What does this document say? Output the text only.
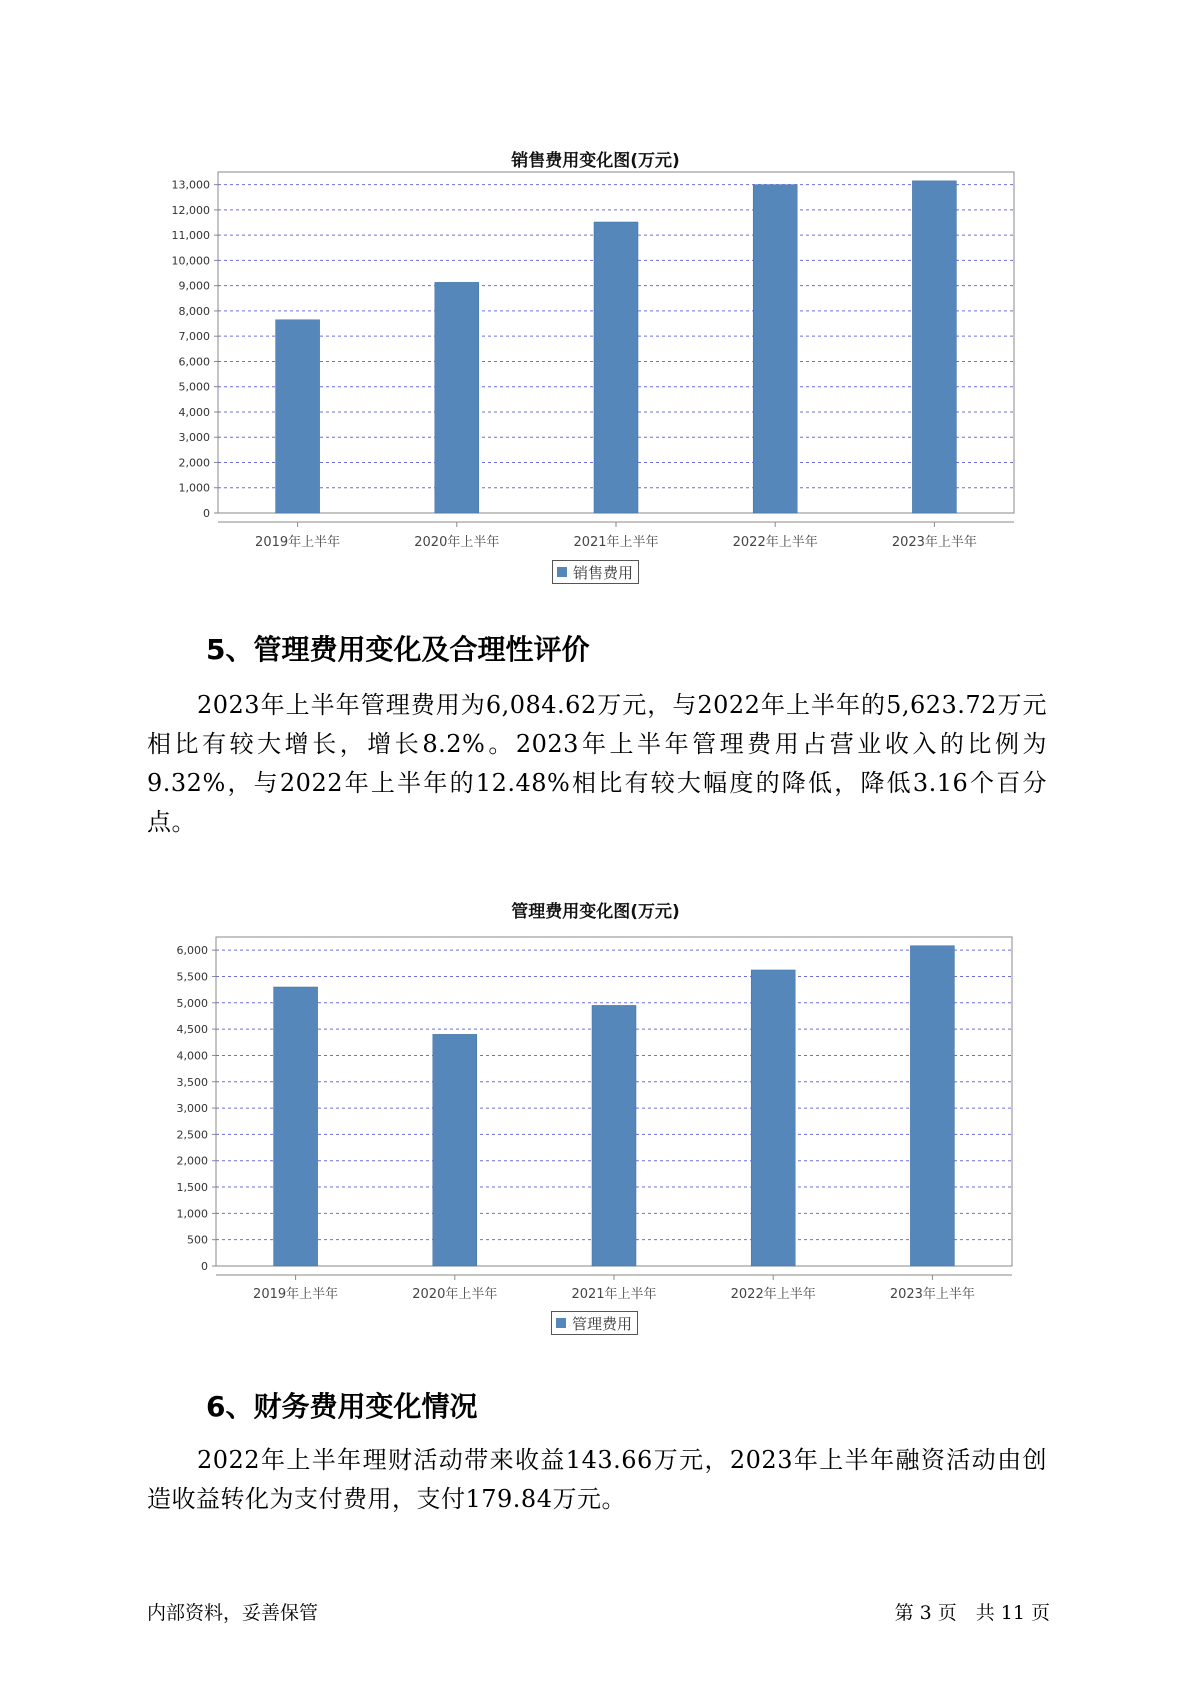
销售费用变化图(万元)
0
1,000
2,000
3,000
4,000
5,000
6,000
7,000
8,000
9,000
10,000
11,000
12,000
13,000
2019年上半年	2020年上半年	2021年上半年	2022年上半年	2023年上半年
销售费用
5、管理费用变化及合理性评价

2023年上半年管理费用为6,084.62万元，与2022年上半年的5,623.72万元相比有较大增长，增长8.2%。2023年上半年管理费用占营业收入的比例为9.32%，与2022年上半年的12.48%相比有较大幅度的降低，降低3.16个百分点。

管理费用变化图(万元)
0
500
1,000
1,500
2,000
2,500
3,000
3,500
4,000
4,500
5,000
5,500
6,000
2019年上半年	2020年上半年	2021年上半年	2022年上半年	2023年上半年
管理费用
6、财务费用变化情况

2022年上半年理财活动带来收益143.66万元，2023年上半年融资活动由创造收益转化为支付费用，支付179.84万元。

内部资料，妥善保管	第 3 页　共 11 页
